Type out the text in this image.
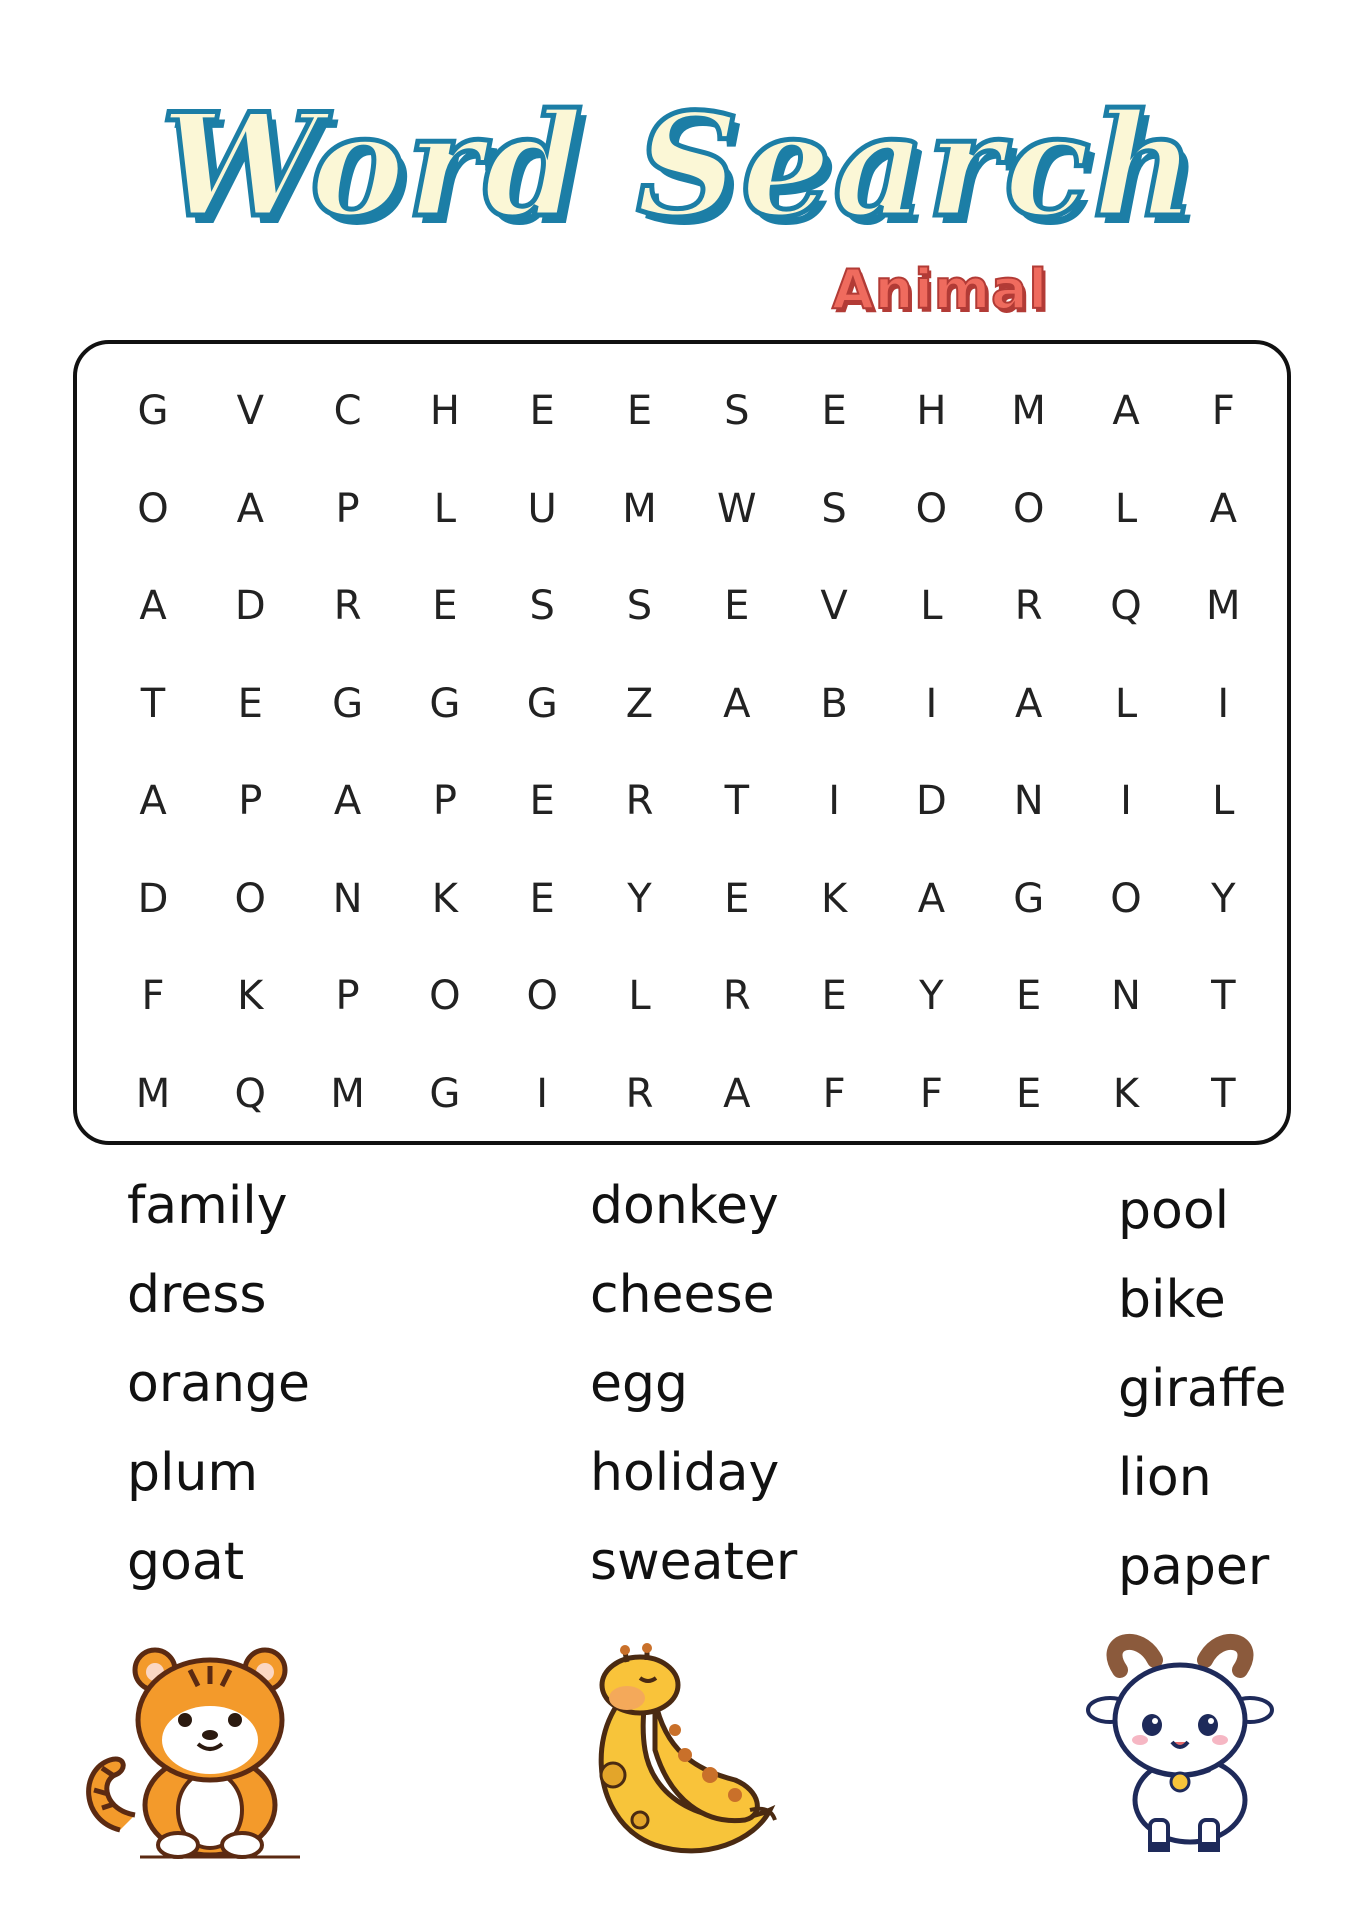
Word Search
Animal
G	V	C	H	E	E	S	E	H	M	A	F
O	A	P	L	U	M	W	S	O	O	L	A
A	D	R	E	S	S	E	V	L	R	Q	M
T	E	G	G	G	Z	A	B	I	A	L	I
A	P	A	P	E	R	T	I	D	N	I	L
D	O	N	K	E	Y	E	K	A	G	O	Y
F	K	P	O	O	L	R	E	Y	E	N	T
M	Q	M	G	I	R	A	F	F	E	K	T
family
dress
orange
plum
goat
donkey
cheese
egg
holiday
sweater
pool
bike
giraffe
lion
paper
